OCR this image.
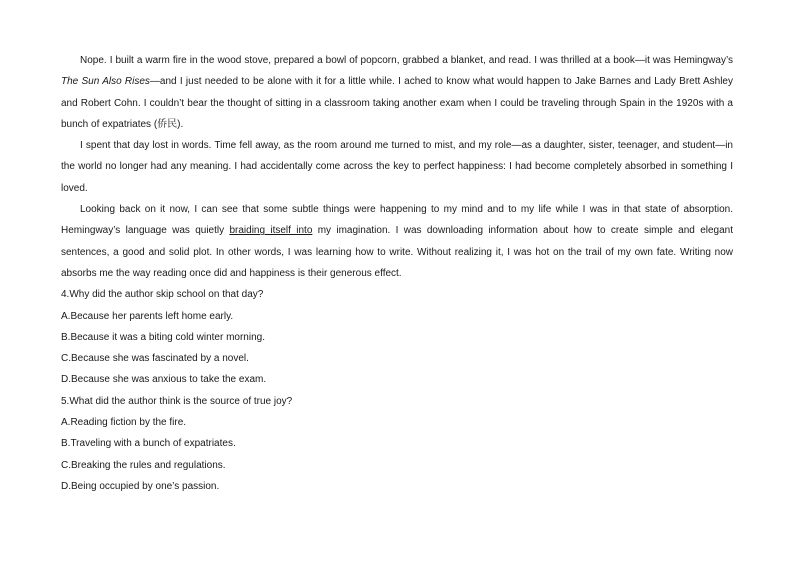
Nope. I built a warm fire in the wood stove, prepared a bowl of popcorn, grabbed a blanket, and read. I was thrilled at a book—it was Hemingway’s The Sun Also Rises—and I just needed to be alone with it for a little while. I ached to know what would happen to Jake Barnes and Lady Brett Ashley and Robert Cohn. I couldn’t bear the thought of sitting in a classroom taking another exam when I could be traveling through Spain in the 1920s with a bunch of expatriates (侨民).

I spent that day lost in words. Time fell away, as the room around me turned to mist, and my role—as a daughter, sister, teenager, and student—in the world no longer had any meaning. I had accidentally come across the key to perfect happiness: I had become completely absorbed in something I loved.

Looking back on it now, I can see that some subtle things were happening to my mind and to my life while I was in that state of absorption. Hemingway’s language was quietly braiding itself into my imagination. I was downloading information about how to create simple and elegant sentences, a good and solid plot. In other words, I was learning how to write. Without realizing it, I was hot on the trail of my own fate. Writing now absorbs me the way reading once did and happiness is their generous effect.

4.Why did the author skip school on that day?

A.Because her parents left home early.

B.Because it was a biting cold winter morning.

C.Because she was fascinated by a novel.

D.Because she was anxious to take the exam.

5.What did the author think is the source of true joy?

A.Reading fiction by the fire.

B.Traveling with a bunch of expatriates.

C.Breaking the rules and regulations.

D.Being occupied by one’s passion.
